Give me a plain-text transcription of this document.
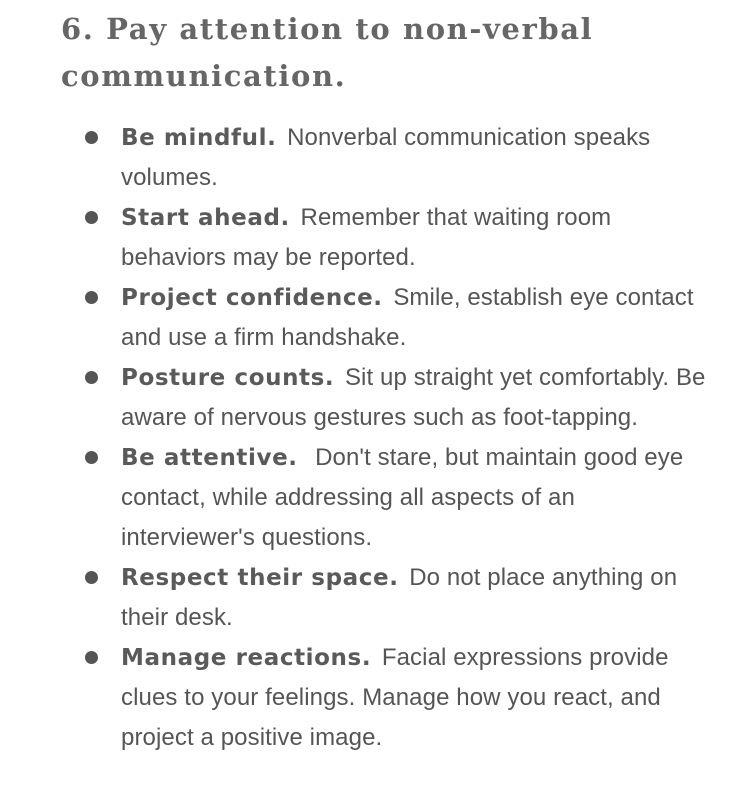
6. Pay attention to non-verbal communication.
Be mindful. Nonverbal communication speaks volumes.
Start ahead. Remember that waiting room behaviors may be reported.
Project confidence. Smile, establish eye contact and use a firm handshake.
Posture counts. Sit up straight yet comfortably. Be aware of nervous gestures such as foot-tapping.
Be attentive.  Don't stare, but maintain good eye contact, while addressing all aspects of an interviewer's questions.
Respect their space. Do not place anything on their desk.
Manage reactions. Facial expressions provide clues to your feelings. Manage how you react, and project a positive image.
